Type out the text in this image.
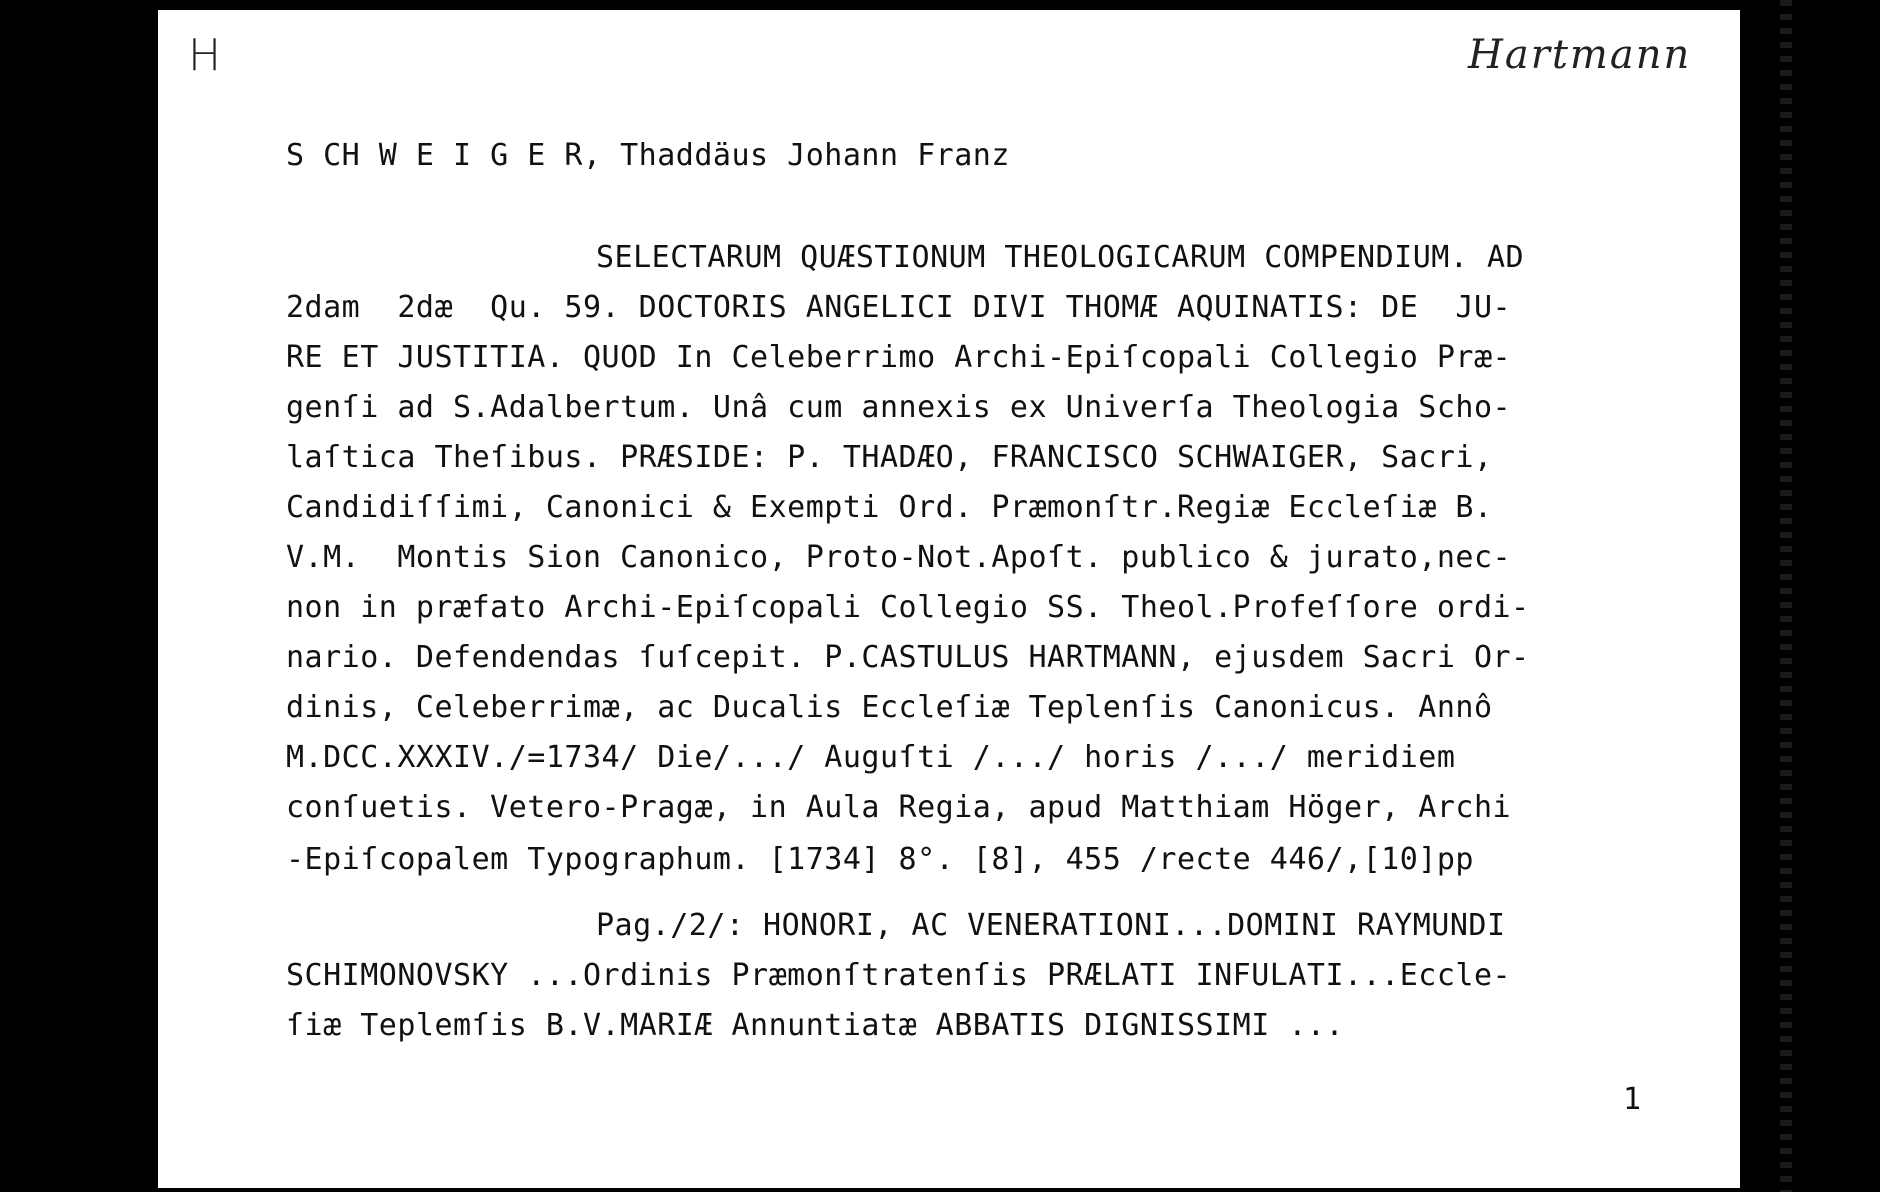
H	Hartmann
S CH W E I G E R, Thaddäus Johann Franz
SELECTARUM QUÆSTIONUM THEOLOGICARUM COMPENDIUM. AD
2dam  2dæ  Qu. 59. DOCTORIS ANGELICI DIVI THOMÆ AQUINATIS: DE  JU-
RE ET JUSTITIA. QUOD In Celeberrimo Archi-Epiſcopali Collegio Præ-
genſi ad S.Adalbertum. Unâ cum annexis ex Univerſa Theologia Scho-
laſtica Theſibus. PRÆSIDE: P. THADÆO, FRANCISCO SCHWAIGER, Sacri,
Candidiſſimi, Canonici & Exempti Ord. Præmonſtr.Regiæ Eccleſiæ B.
V.M.  Montis Sion Canonico, Proto-Not.Apoſt. publico & jurato,nec-
non in præfato Archi-Epiſcopali Collegio SS. Theol.Profeſſore ordi-
nario. Defendendas ſuſcepit. P.CASTULUS HARTMANN, ejusdem Sacri Or-
dinis, Celeberrimæ, ac Ducalis Eccleſiæ Teplenſis Canonicus. Annô
M.DCC.XXXIV./=1734/ Die/.../ Auguſti /.../ horis /.../ meridiem
conſuetis. Vetero-Pragæ, in Aula Regia, apud Matthiam Höger, Archi
-Epiſcopalem Typographum. [1734] 8°. [8], 455 /recte 446/,[10]pp
Pag./2/: HONORI, AC VENERATIONI...DOMINI RAYMUNDI
SCHIMONOVSKY ...Ordinis Præmonſtratenſis PRÆLATI INFULATI...Eccle-
ſiæ Teplemſis B.V.MARIÆ Annuntiatæ ABBATIS DIGNISSIMI ...
1
